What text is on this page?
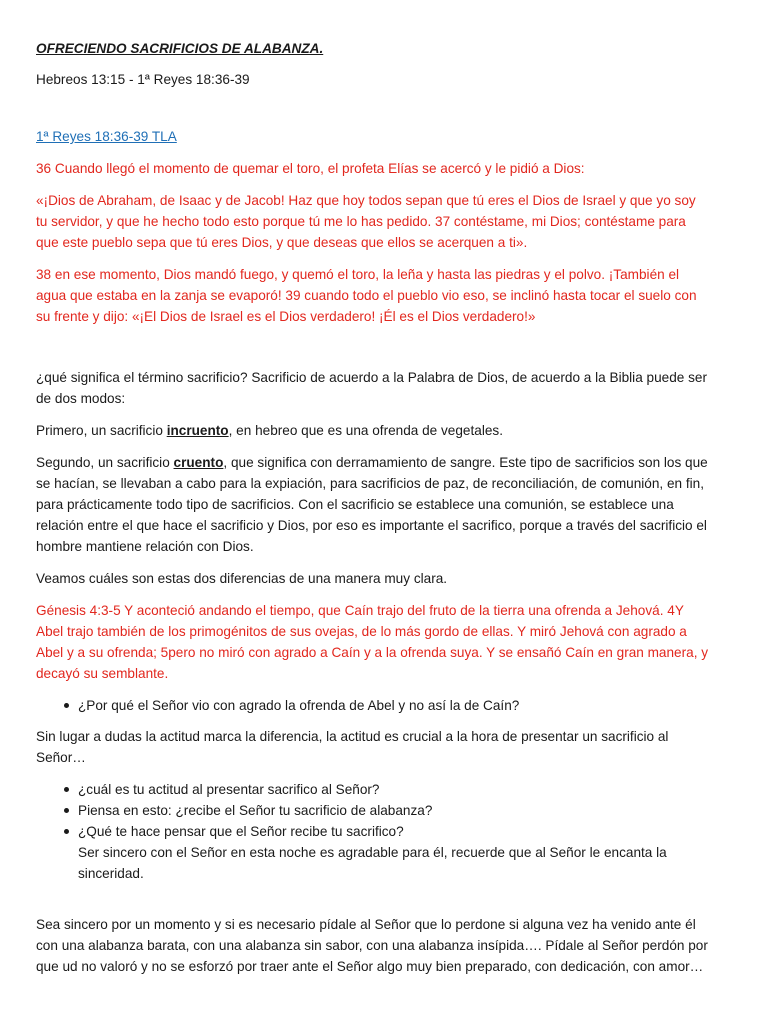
OFRECIENDO SACRIFICIOS DE ALABANZA.

Hebreos 13:15 - 1ª Reyes 18:36-39

1ª Reyes 18:36-39 TLA

36 Cuando llegó el momento de quemar el toro, el profeta Elías se acercó y le pidió a Dios:

«¡Dios de Abraham, de Isaac y de Jacob! Haz que hoy todos sepan que tú eres el Dios de Israel y que yo soy tu servidor, y que he hecho todo esto porque tú me lo has pedido. 37 contéstame, mi Dios; contéstame para que este pueblo sepa que tú eres Dios, y que deseas que ellos se acerquen a ti».

38 en ese momento, Dios mandó fuego, y quemó el toro, la leña y hasta las piedras y el polvo. ¡También el agua que estaba en la zanja se evaporó! 39 cuando todo el pueblo vio eso, se inclinó hasta tocar el suelo con su frente y dijo: «¡El Dios de Israel es el Dios verdadero! ¡Él es el Dios verdadero!»

¿qué significa el término sacrificio? Sacrificio de acuerdo a la Palabra de Dios, de acuerdo a la Biblia puede ser de dos modos:

Primero, un sacrificio incruento, en hebreo que es una ofrenda de vegetales.

Segundo, un sacrificio cruento, que significa con derramamiento de sangre. Este tipo de sacrificios son los que se hacían, se llevaban a cabo para la expiación, para sacrificios de paz, de reconciliación, de comunión, en fin, para prácticamente todo tipo de sacrificios. Con el sacrificio se establece una comunión, se establece una relación entre el que hace el sacrificio y Dios, por eso es importante el sacrifico, porque a través del sacrificio el hombre mantiene relación con Dios.

Veamos cuáles son estas dos diferencias de una manera muy clara.

Génesis 4:3-5 Y aconteció andando el tiempo, que Caín trajo del fruto de la tierra una ofrenda a Jehová. 4Y Abel trajo también de los primogénitos de sus ovejas, de lo más gordo de ellas. Y miró Jehová con agrado a Abel y a su ofrenda; 5pero no miró con agrado a Caín y a la ofrenda suya. Y se ensañó Caín en gran manera, y decayó su semblante.

¿Por qué el Señor vio con agrado la ofrenda de Abel y no así la de Caín?

Sin lugar a dudas la actitud marca la diferencia, la actitud es crucial a la hora de presentar un sacrificio al Señor…

¿cuál es tu actitud al presentar sacrifico al Señor?
Piensa en esto: ¿recibe el Señor tu sacrificio de alabanza?
¿Qué te hace pensar que el Señor recibe tu sacrifico?
Ser sincero con el Señor en esta noche es agradable para él, recuerde que al Señor le encanta la sinceridad.

Sea sincero por un momento y si es necesario pídale al Señor que lo perdone si alguna vez ha venido ante él con una alabanza barata, con una alabanza sin sabor, con una alabanza insípida…. Pídale al Señor perdón por que ud no valoró y no se esforzó por traer ante el Señor algo muy bien preparado, con dedicación, con amor…
